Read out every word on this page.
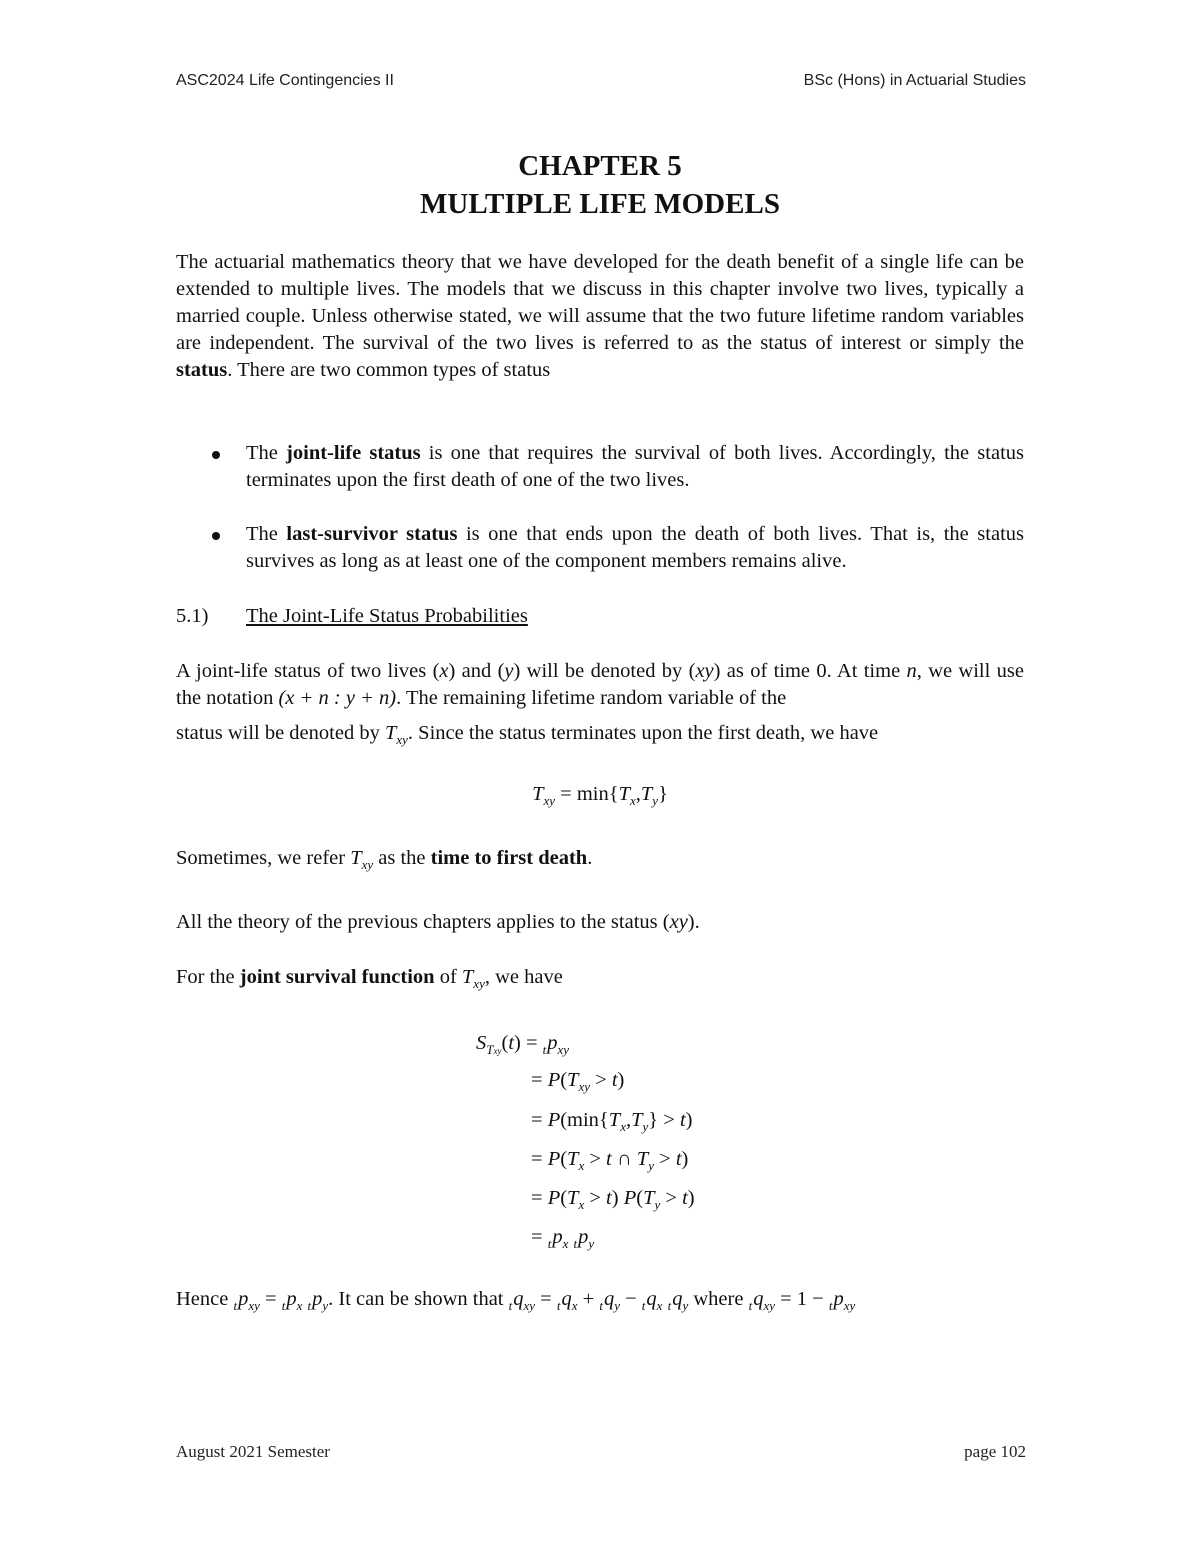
ASC2024 Life Contingencies II	BSc (Hons) in Actuarial Studies
CHAPTER 5
MULTIPLE LIFE MODELS
The actuarial mathematics theory that we have developed for the death benefit of a single life can be extended to multiple lives. The models that we discuss in this chapter involve two lives, typically a married couple. Unless otherwise stated, we will assume that the two future lifetime random variables are independent. The survival of the two lives is referred to as the status of interest or simply the status. There are two common types of status
The joint-life status is one that requires the survival of both lives. Accordingly, the status terminates upon the first death of one of the two lives.
The last-survivor status is one that ends upon the death of both lives. That is, the status survives as long as at least one of the component members remains alive.
5.1) The Joint-Life Status Probabilities
A joint-life status of two lives (x) and (y) will be denoted by (xy) as of time 0. At time n, we will use the notation (x + n : y + n). The remaining lifetime random variable of the
status will be denoted by $T_{xy}$. Since the status terminates upon the first death, we have
$T_{xy} = \min\{T_x,T_y\}$
Sometimes, we refer $T_{xy}$ as the time to first death.
All the theory of the previous chapters applies to the status (xy).
For the joint survival function of $T_{xy}$, we have
$S_{Txy}(t) = _tp_{xy}$
= $P(T_{xy} > t)$
= $P(\min\{T_x,T_y\} > t)$
= $P(T_x > t$ ∩ $T_y > t$)
= $P(T_x > t) P(T_y > t)$
= $_tp_x$ $_tp_y$
Hence $_tp_{xy} = _tp_x$ $_tp_y$. It can be shown that $_tq_{xy} = _tq_x + _tq_y - _tq_x$ $_tq_y$ where $_tq_{xy} = 1 - _tp_{xy}$
August 2021 Semester	page 102
